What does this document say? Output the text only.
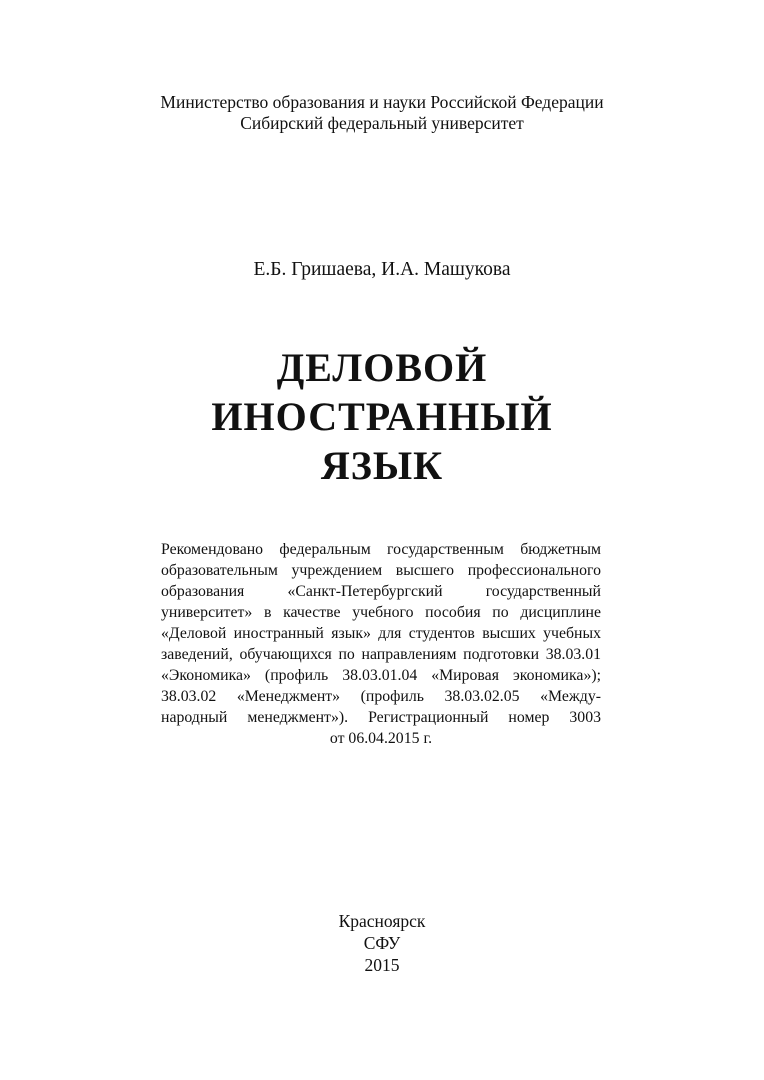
Министерство образования и науки Российской Федерации
Сибирский федеральный университет
Е.Б. Гришаева, И.А. Машукова
ДЕЛОВОЙ
ИНОСТРАННЫЙ
ЯЗЫК
Рекомендовано федеральным государственным бюджетным
образовательным учреждением высшего профессионального
образования «Санкт-Петербургский государственный
университет» в качестве учебного пособия по дисциплине
«Деловой иностранный язык» для студентов высших учебных
заведений, обучающихся по направлениям подготовки 38.03.01
«Экономика» (профиль 38.03.01.04 «Мировая экономика»);
38.03.02 «Менеджмент» (профиль 38.03.02.05 «Между-
народный менеджмент»). Регистрационный номер 3003
от 06.04.2015 г.
Красноярск
СФУ
2015
